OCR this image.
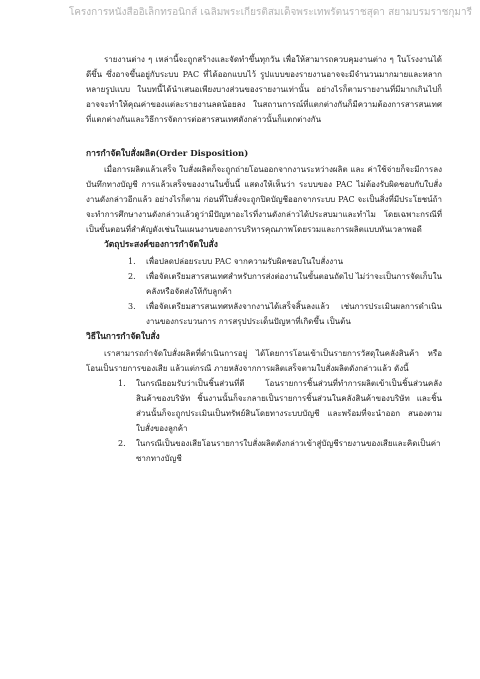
โครงการหนังสืออิเล็กทรอนิกส์ เฉลิมพระเกียรติสมเด็จพระเทพรัตนราชสุดา สยามบรมราชกุมารี

รายงานต่าง ๆ เหล่านี้จะถูกสร้างและจัดทำขึ้นทุกวัน เพื่อให้สามารถควบคุมงานต่าง ๆ ในโรงงานได้ดีขึ้น ซึ่งอาจขึ้นอยู่กับระบบ PAC ที่ได้ออกแบบไว้ รูปแบบของรายงานอาจจะมีจำนวนมากมายและหลากหลายรูปแบบ ในบทนี้ได้นำเสนอเพียงบางส่วนของรายงานเท่านั้น อย่างไรก็ตามรายงานที่มีมากเกินไปก็อาจจะทำให้คุณค่าของแต่ละรายงานลดน้อยลง ในสถานการณ์ที่แตกต่างกันก็มีความต้องการสารสนเทศที่แตกต่างกันและวิธีการจัดการต่อสารสนเทศดังกล่าวนั้นก็แตกต่างกัน

การกำจัดใบสั่งผลิต(Order Disposition)

เมื่อการผลิตแล้วเสร็จ ใบสั่งผลิตก็จะถูกถ่ายโอนออกจากงานระหว่างผลิต และ ค่าใช้จ่ายก็จะมีการลงบันทึกทางบัญชี การแล้วเสร็จของงานในขั้นนี้ แสดงให้เห็นว่า ระบบของ PAC ไม่ต้องรับผิดชอบกับใบสั่งงานดังกล่าวอีกแล้ว อย่างไรก็ตาม ก่อนที่ใบสั่งจะถูกปิดบัญชีออกจากระบบ PAC จะเป็นสิ่งที่มีประโยชน์ถ้าจะทำการศึกษางานดังกล่าวแล้วดูว่ามีปัญหาอะไรที่งานดังกล่าวได้ประสบมาและทำไม โดยเฉพาะกรณีที่เป็นขั้นตอนที่สำคัญดังเช่นในแผนงานของการบริหารคุณภาพโดยรวมและการผลิตแบบทันเวลาพอดี

วัตถุประสงค์ของการกำจัดใบสั่ง

1. เพื่อปลดปล่อยระบบ PAC จากความรับผิดชอบในใบสั่งงาน
2. เพื่อจัดเตรียมสารสนเทศสำหรับการส่งต่องานในขั้นตอนถัดไป ไม่ว่าจะเป็นการจัดเก็บในคลังหรือจัดส่งให้กับลูกค้า
3. เพื่อจัดเตรียมสารสนเทศหลังจากงานได้เสร็จสิ้นลงแล้ว เช่นการประเมินผลการดำเนินงานของกระบวนการ การสรุปประเด็นปัญหาที่เกิดขึ้น เป็นต้น

วิธีในการกำจัดใบสั่ง

เราสามารถกำจัดใบสั่งผลิตที่ดำเนินการอยู่ ได้โดยการโอนเข้าเป็นรายการวัสดุในคลังสินค้า หรือ โอนเป็นรายการของเสีย แล้วแต่กรณี ภายหลังจากการผลิตเสร็จตามใบสั่งผลิตดังกล่าวแล้ว ดังนี้

1. ในกรณียอมรับว่าเป็นชิ้นส่วนที่ดี โอนรายการชิ้นส่วนที่ทำการผลิตเข้าเป็นชิ้นส่วนคลังสินค้าของบริษัท ชิ้นงานนั้นก็จะกลายเป็นรายการชิ้นส่วนในคลังสินค้าของบริษัท และชิ้นส่วนนั้นก็จะถูกประเมินเป็นทรัพย์สินโดยทางระบบบัญชี และพร้อมที่จะนำออก สนองตามใบสั่งของลูกค้า
2. ในกรณีเป็นของเสียโอนรายการใบสั่งผลิตดังกล่าวเข้าสู่บัญชีรายงานของเสียและคิดเป็นค่าซากทางบัญชี
